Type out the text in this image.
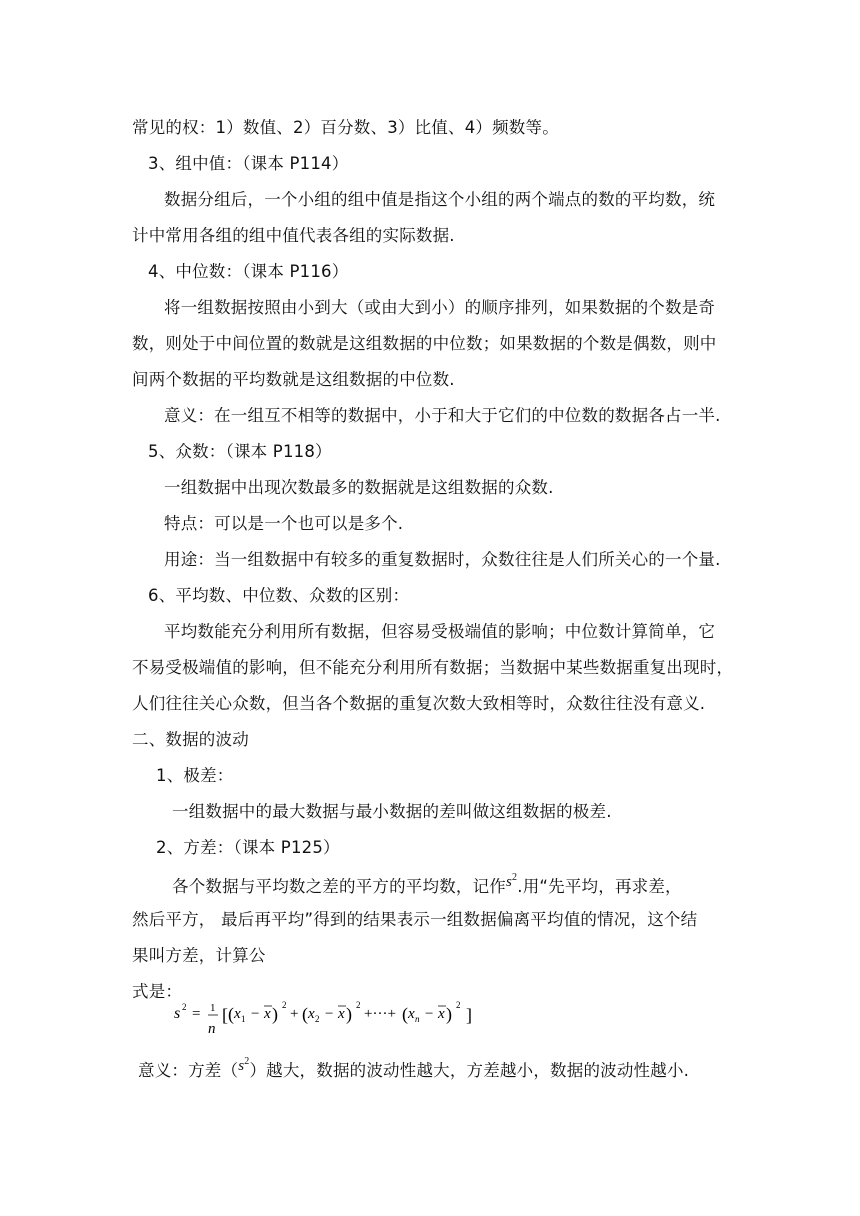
常见的权：1）数值、2）百分数、3）比值、4）频数等。
3、组中值：（课本 P114）
数据分组后，一个小组的组中值是指这个小组的两个端点的数的平均数，统
计中常用各组的组中值代表各组的实际数据.
4、中位数：（课本 P116）
将一组数据按照由小到大（或由大到小）的顺序排列，如果数据的个数是奇
数，则处于中间位置的数就是这组数据的中位数；如果数据的个数是偶数，则中
间两个数据的平均数就是这组数据的中位数.
意义：在一组互不相等的数据中，小于和大于它们的中位数的数据各占一半.
5、众数：（课本 P118）
一组数据中出现次数最多的数据就是这组数据的众数.
特点：可以是一个也可以是多个.
用途：当一组数据中有较多的重复数据时，众数往往是人们所关心的一个量.
6、平均数、中位数、众数的区别：
平均数能充分利用所有数据，但容易受极端值的影响；中位数计算简单，它
不易受极端值的影响，但不能充分利用所有数据；当数据中某些数据重复出现时，
人们往往关心众数，但当各个数据的重复次数大致相等时，众数往往没有意义.
二、数据的波动
1、极差：
一组数据中的最大数据与最小数据的差叫做这组数据的极差.
2、方差：（课本 P125）
各个数据与平均数之差的平方的平均数，记作$s^2$.用“先平均，再求差，
然后平方， 最后再平均”得到的结果表示一组数据偏离平均值的情况，这个结
果叫方差，计算公
式是：
s 2 = 1
n
[ ( x 1 − x ) 2
+ ( x 2 − x ) 2
+···+ ( x n − x ) 2 ]
意义：方差$(s^2)$越大，数据的波动性越大，方差越小，数据的波动性越小.
